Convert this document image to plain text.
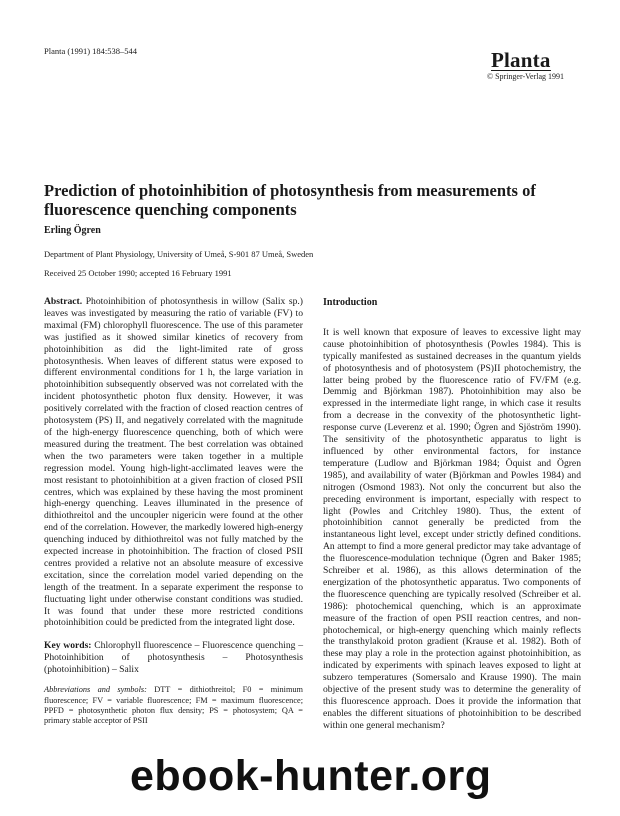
Planta (1991) 184:538–544	Planta
© Springer-Verlag 1991
Prediction of photoinhibition of photosynthesis from measurements of fluorescence quenching components
Erling Ögren
Department of Plant Physiology, University of Umeå, S-901 87 Umeå, Sweden
Received 25 October 1990; accepted 16 February 1991

Abstract. Photoinhibition of photosynthesis in willow (Salix sp.) leaves was investigated by measuring the ratio of variable (FV) to maximal (FM) chlorophyll fluorescence. The use of this parameter was justified as it showed similar kinetics of recovery from photoinhibition as did the light-limited rate of gross photosynthesis. When leaves of different status were exposed to different environmental conditions for 1 h, the large variation in photoinhibition subsequently observed was not correlated with the incident photosynthetic photon flux density. However, it was positively correlated with the fraction of closed reaction centres of photosystem (PS) II, and negatively correlated with the magnitude of the high-energy fluorescence quenching, both of which were measured during the treatment. The best correlation was obtained when the two parameters were taken together in a multiple regression model. Young high-light-acclimated leaves were the most resistant to photoinhibition at a given fraction of closed PSII centres, which was explained by these having the most prominent high-energy quenching. Leaves illuminated in the presence of dithiothreitol and the uncoupler nigericin were found at the other end of the correlation. However, the markedly lowered high-energy quenching induced by dithiothreitol was not fully matched by the expected increase in photoinhibition. The fraction of closed PSII centres provided a relative not an absolute measure of excessive excitation, since the correlation model varied depending on the length of the treatment. In a separate experiment the response to fluctuating light under otherwise constant conditions was studied. It was found that under these more restricted conditions photoinhibition could be predicted from the integrated light dose.

Key words: Chlorophyll fluorescence – Fluorescence quenching – Photoinhibition of photosynthesis – Photosynthesis (photoinhibition) – Salix

Abbreviations and symbols: DTT = dithiothreitol; F0 = minimum fluorescence; FV = variable fluorescence; FM = maximum fluorescence; PPFD = photosynthetic photon flux density; PS = photosystem; QA = primary stable acceptor of PSII

Introduction

It is well known that exposure of leaves to excessive light may cause photoinhibition of photosynthesis (Powles 1984). This is typically manifested as sustained decreases in the quantum yields of photosynthesis and of photosystem (PS)II photochemistry, the latter being probed by the fluorescence ratio of FV/FM (e.g. Demmig and Björkman 1987). Photoinhibition may also be expressed in the intermediate light range, in which case it results from a decrease in the convexity of the photosynthetic light-response curve (Leverenz et al. 1990; Ögren and Sjöström 1990). The sensitivity of the photosynthetic apparatus to light is influenced by other environmental factors, for instance temperature (Ludlow and Björkman 1984; Öquist and Ögren 1985), and availability of water (Björkman and Powles 1984) and nitrogen (Osmond 1983). Not only the concurrent but also the preceding environment is important, especially with respect to light (Powles and Critchley 1980). Thus, the extent of photoinhibition cannot generally be predicted from the instantaneous light level, except under strictly defined conditions. An attempt to find a more general predictor may take advantage of the fluorescence-modulation technique (Ögren and Baker 1985; Schreiber et al. 1986), as this allows determination of the energization of the photosynthetic apparatus. Two components of the fluorescence quenching are typically resolved (Schreiber et al. 1986): photochemical quenching, which is an approximate measure of the fraction of open PSII reaction centres, and non-photochemical, or high-energy quenching which mainly reflects the transthylakoid proton gradient (Krause et al. 1982). Both of these may play a role in the protection against photoinhibition, as indicated by experiments with spinach leaves exposed to light at subzero temperatures (Somersalo and Krause 1990). The main objective of the present study was to determine the generality of this fluorescence approach. Does it provide the information that enables the different situations of photoinhibition to be described within one general mechanism?

ebook-hunter.org
